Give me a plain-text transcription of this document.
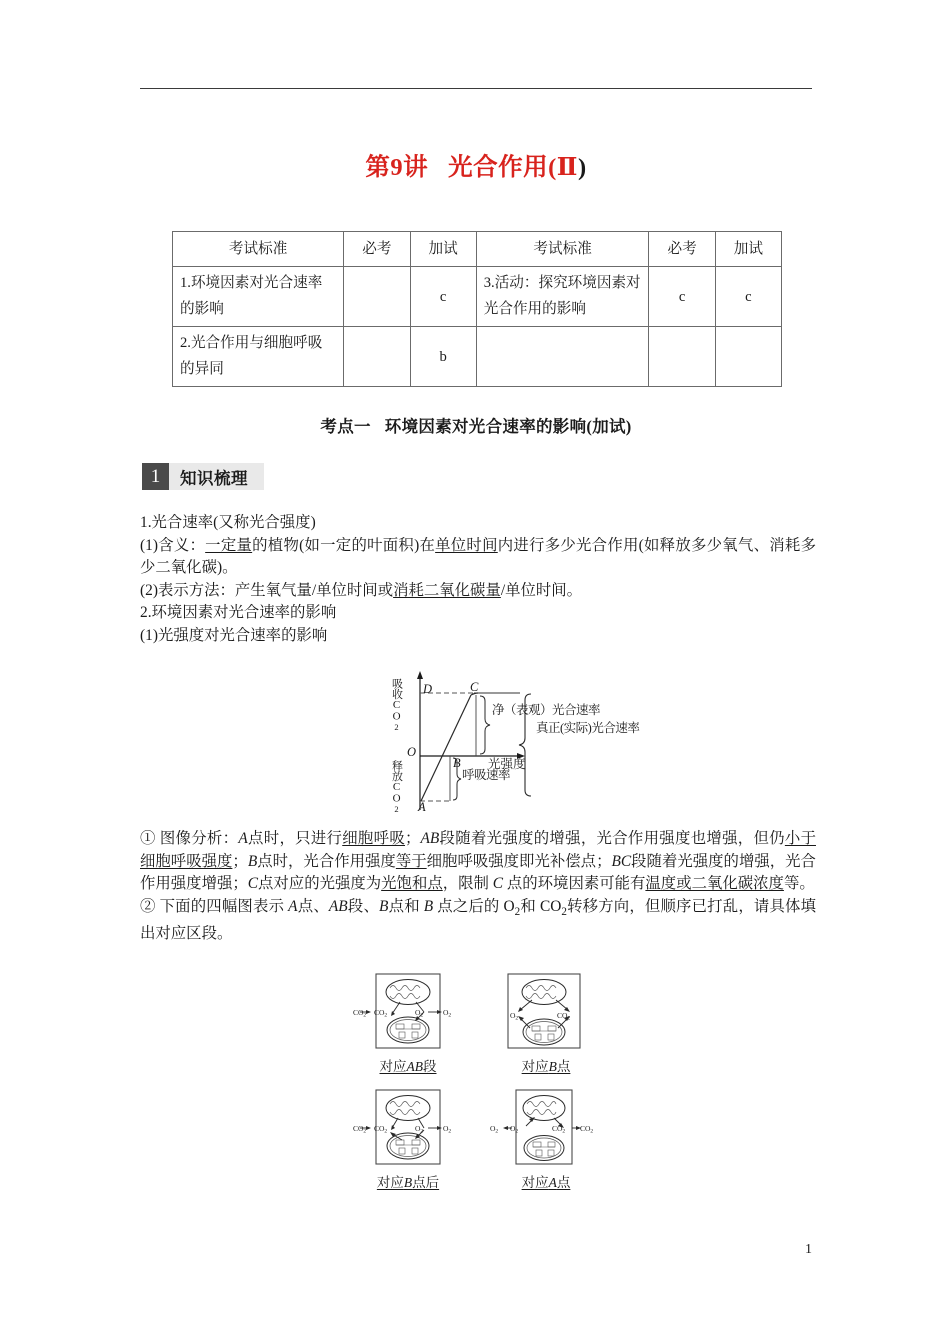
第9讲 光合作用(Ⅱ)
考试标准	必考	加试	考试标准	必考	加试
1.环境因素对光合速率的影响		c	3.活动：探究环境因素对光合作用的影响	c	c
2.光合作用与细胞呼吸的异同		b			
考点一 环境因素对光合速率的影响(加试)
1	知识梳理
1.光合速率(又称光合强度)
(1)含义：一定量的植物(如一定的叶面积)在单位时间内进行多少光合作用(如释放多少氧气、消耗多少二氧化碳)。
(2)表示方法：产生氧气量/单位时间或消耗二氧化碳量/单位时间。
2.环境因素对光合速率的影响
(1)光强度对光合速率的影响
吸收CO2
释放CO2
D	C
O
B
A
光强度
净（表观）光合速率
呼吸速率
真正(实际)光合速率
① 图像分析：A点时，只进行细胞呼吸；AB段随着光强度的增强，光合作用强度也增强，但仍小于细胞呼吸强度；B点时，光合作用强度等于细胞呼吸强度即光补偿点；BC段随着光强度的增强，光合作用强度增强；C点对应的光强度为光饱和点，限制 C 点的环境因素可能有温度或二氧化碳浓度等。
② 下面的四幅图表示 A点、AB段、B点和 B 点之后的 $O_2$和 $CO_2$转移方向，但顺序已打乱，请具体填出对应区段。
$CO_2$ $CO_2$	$O_2$	$O_2$
对应AB段
$O_2$	$CO_2$
对应B点
$CO_2$ $CO_2$	$O_2$	$O_2$
对应B点后
$O_2$ $O_2$	$CO_2$ $CO_2$
对应A点
1
